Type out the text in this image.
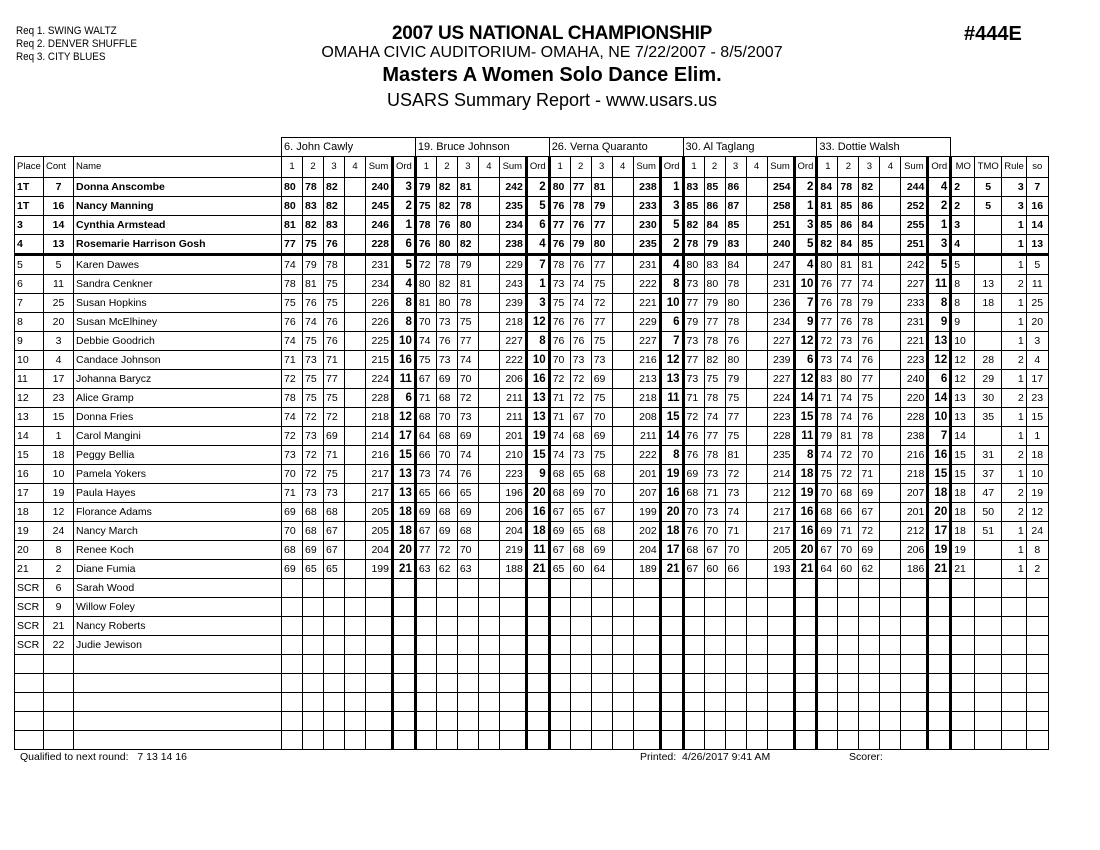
Req 1. SWING WALTZ
Req 2. DENVER SHUFFLE
Req 3. CITY BLUES
2007 US NATIONAL CHAMPIONSHIP
OMAHA CIVIC AUDITORIUM- OMAHA, NE 7/22/2007 - 8/5/2007
Masters A Women Solo Dance Elim.
USARS Summary Report - www.usars.us
#444E
			6. John Cawly						19. Bruce Johnson						26. Verna Quaranto						30. Al Taglang						33. Dottie Walsh									
Place	Cont	Name	1	2	3	4	Sum	Ord	1	2	3	4	Sum	Ord	1	2	3	4	Sum	Ord	1	2	3	4	Sum	Ord	1	2	3	4	Sum	Ord	MO	TMO	Rule	so
1T	7	Donna Anscombe	80	78	82		240	3	79	82	81		242	2	80	77	81		238	1	83	85	86		254	2	84	78	82		244	4	2	5	3	7
1T	16	Nancy Manning	80	83	82		245	2	75	82	78		235	5	76	78	79		233	3	85	86	87		258	1	81	85	86		252	2	2	5	3	16
3	14	Cynthia Armstead	81	82	83		246	1	78	76	80		234	6	77	76	77		230	5	82	84	85		251	3	85	86	84		255	1	3		1	14
4	13	Rosemarie Harrison Gosh	77	75	76		228	6	76	80	82		238	4	76	79	80		235	2	78	79	83		240	5	82	84	85		251	3	4		1	13
5	5	Karen Dawes	74	79	78		231	5	72	78	79		229	7	78	76	77		231	4	80	83	84		247	4	80	81	81		242	5	5		1	5
6	11	Sandra Cenkner	78	81	75		234	4	80	82	81		243	1	73	74	75		222	8	73	80	78		231	10	76	77	74		227	11	8	13	2	11
7	25	Susan Hopkins	75	76	75		226	8	81	80	78		239	3	75	74	72		221	10	77	79	80		236	7	76	78	79		233	8	8	18	1	25
8	20	Susan McElhiney	76	74	76		226	8	70	73	75		218	12	76	76	77		229	6	79	77	78		234	9	77	76	78		231	9	9		1	20
9	3	Debbie Goodrich	74	75	76		225	10	74	76	77		227	8	76	76	75		227	7	73	78	76		227	12	72	73	76		221	13	10		1	3
10	4	Candace Johnson	71	73	71		215	16	75	73	74		222	10	70	73	73		216	12	77	82	80		239	6	73	74	76		223	12	12	28	2	4
11	17	Johanna Barycz	72	75	77		224	11	67	69	70		206	16	72	72	69		213	13	73	75	79		227	12	83	80	77		240	6	12	29	1	17
12	23	Alice Gramp	78	75	75		228	6	71	68	72		211	13	71	72	75		218	11	71	78	75		224	14	71	74	75		220	14	13	30	2	23
13	15	Donna Fries	74	72	72		218	12	68	70	73		211	13	71	67	70		208	15	72	74	77		223	15	78	74	76		228	10	13	35	1	15
14	1	Carol Mangini	72	73	69		214	17	64	68	69		201	19	74	68	69		211	14	76	77	75		228	11	79	81	78		238	7	14		1	1
15	18	Peggy Bellia	73	72	71		216	15	66	70	74		210	15	74	73	75		222	8	76	78	81		235	8	74	72	70		216	16	15	31	2	18
16	10	Pamela Yokers	70	72	75		217	13	73	74	76		223	9	68	65	68		201	19	69	73	72		214	18	75	72	71		218	15	15	37	1	10
17	19	Paula Hayes	71	73	73		217	13	65	66	65		196	20	68	69	70		207	16	68	71	73		212	19	70	68	69		207	18	18	47	2	19
18	12	Florance Adams	69	68	68		205	18	69	68	69		206	16	67	65	67		199	20	70	73	74		217	16	68	66	67		201	20	18	50	2	12
19	24	Nancy March	70	68	67		205	18	67	69	68		204	18	69	65	68		202	18	76	70	71		217	16	69	71	72		212	17	18	51	1	24
20	8	Renee Koch	68	69	67		204	20	77	72	70		219	11	67	68	69		204	17	68	67	70		205	20	67	70	69		206	19	19		1	8
21	2	Diane Fumia	69	65	65		199	21	63	62	63		188	21	65	60	64		189	21	67	60	66		193	21	64	60	62		186	21	21		1	2
SCR	6	Sarah Wood																																		
SCR	9	Willow Foley																																		
SCR	21	Nancy Roberts																																		
SCR	22	Judie Jewison																																		

Qualified to next round: 7 13 14 16	Printed: 4/26/2017 9:41 AM	Scorer:
